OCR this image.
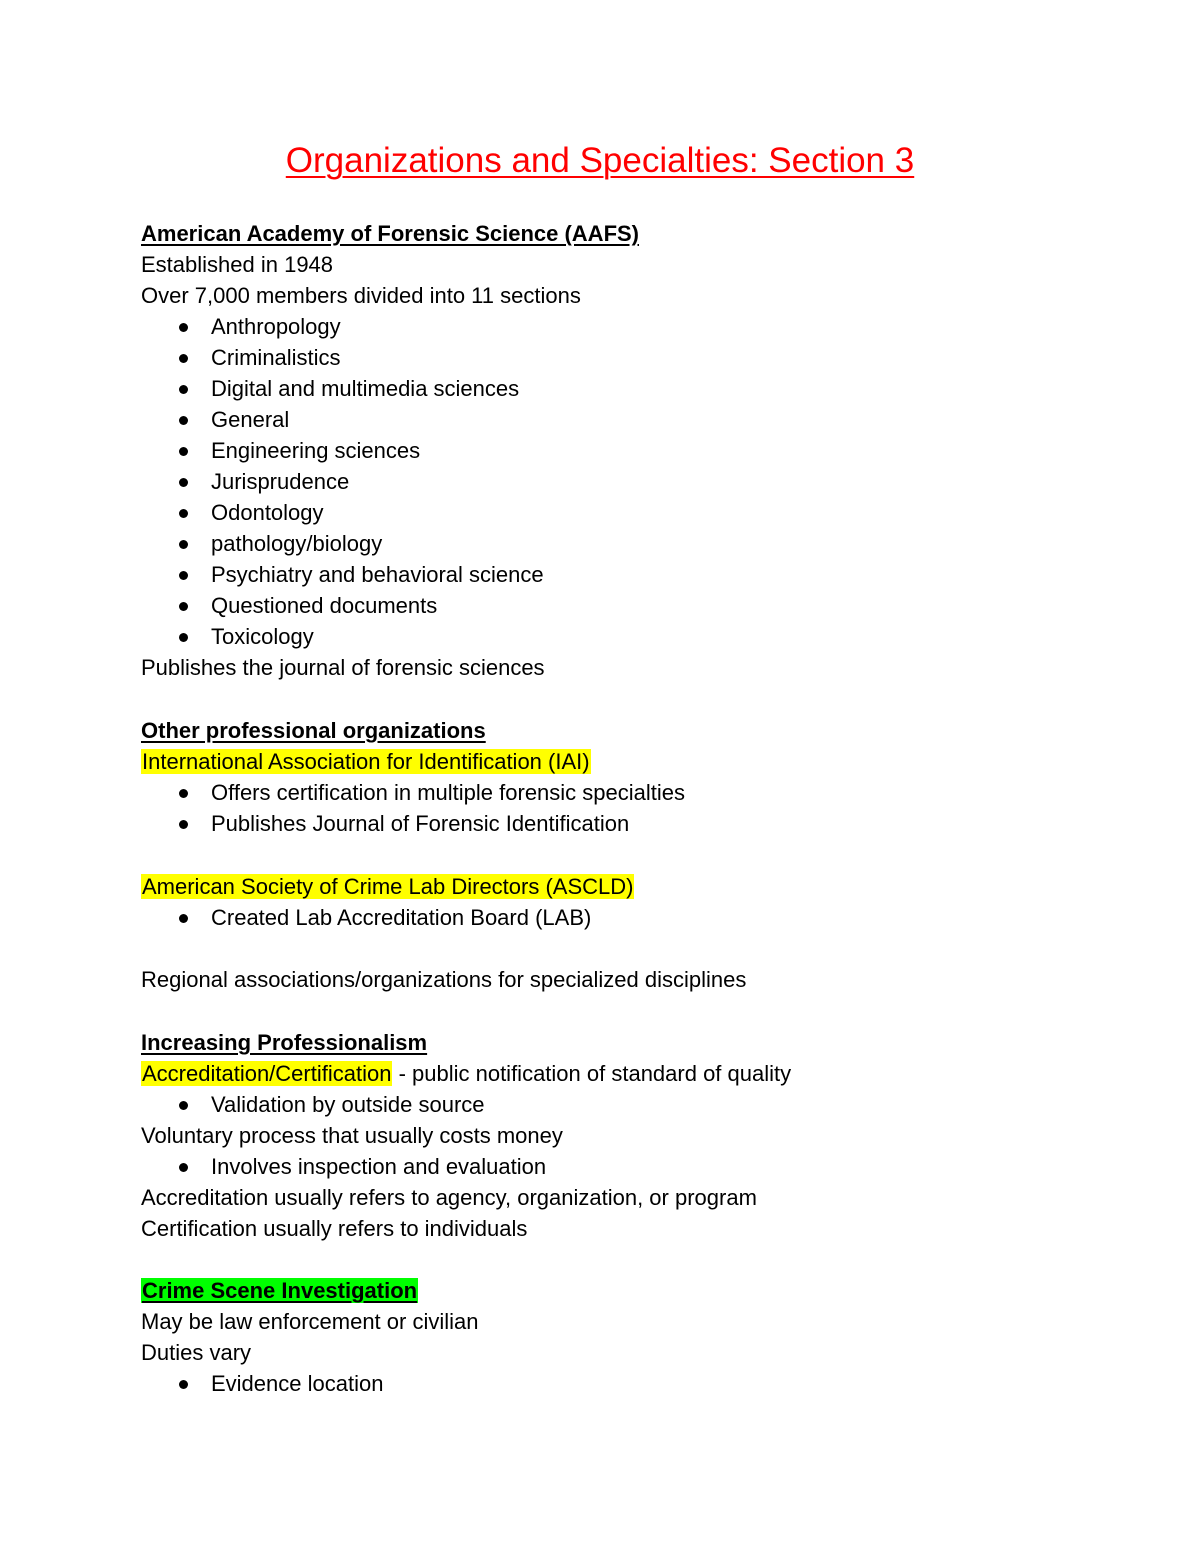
Organizations and Specialties: Section 3
American Academy of Forensic Science (AAFS)
Established in 1948
Over 7,000 members divided into 11 sections
Anthropology
Criminalistics
Digital and multimedia sciences
General
Engineering sciences
Jurisprudence
Odontology
pathology/biology
Psychiatry and behavioral science
Questioned documents
Toxicology
Publishes the journal of forensic sciences
Other professional organizations
International Association for Identification (IAI)
Offers certification in multiple forensic specialties
Publishes Journal of Forensic Identification
American Society of Crime Lab Directors (ASCLD)
Created Lab Accreditation Board (LAB)
Regional associations/organizations for specialized disciplines
Increasing Professionalism
Accreditation/Certification - public notification of standard of quality
Validation by outside source
Voluntary process that usually costs money
Involves inspection and evaluation
Accreditation usually refers to agency, organization, or program
Certification usually refers to individuals
Crime Scene Investigation
May be law enforcement or civilian
Duties vary
Evidence location
